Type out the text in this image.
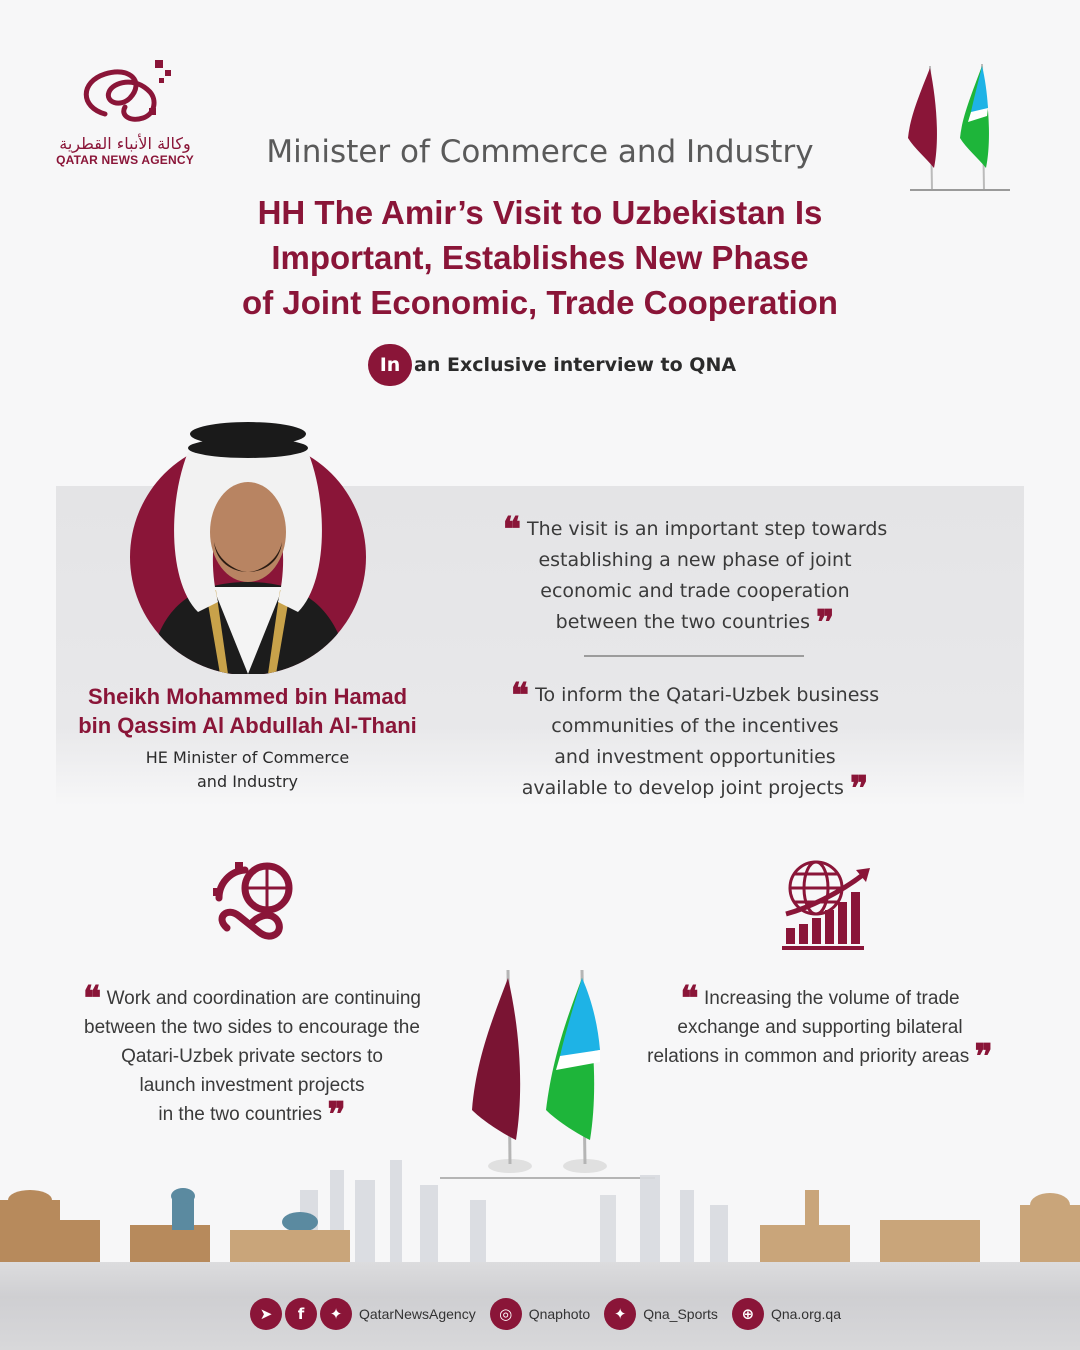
وكالة الأنباء القطرية
QATAR NEWS AGENCY	Minister of Commerce and Industry
HH The Amir’s Visit to Uzbekistan Is
Important, Establishes New Phase
of Joint Economic, Trade Cooperation
In an Exclusive interview to QNA
Sheikh Mohammed bin Hamad
bin Qassim Al Abdullah Al-Thani
HE Minister of Commerce
and Industry
❝ The visit is an important step towards
establishing a new phase of joint
economic and trade cooperation
between the two countries ❞
❝ To inform the Qatari-Uzbek business
communities of the incentives
and investment opportunities
available to develop joint projects ❞
❝ Work and coordination are continuing
between the two sides to encourage the
Qatari-Uzbek private sectors to
launch investment projects
in the two countries ❞
❝ Increasing the volume of trade
exchange and supporting bilateral
relations in common and priority areas ❞
➤	f	✦	QatarNewsAgency	◎	Qnaphoto	✦	Qna_Sports	⊕	Qna.org.qa
